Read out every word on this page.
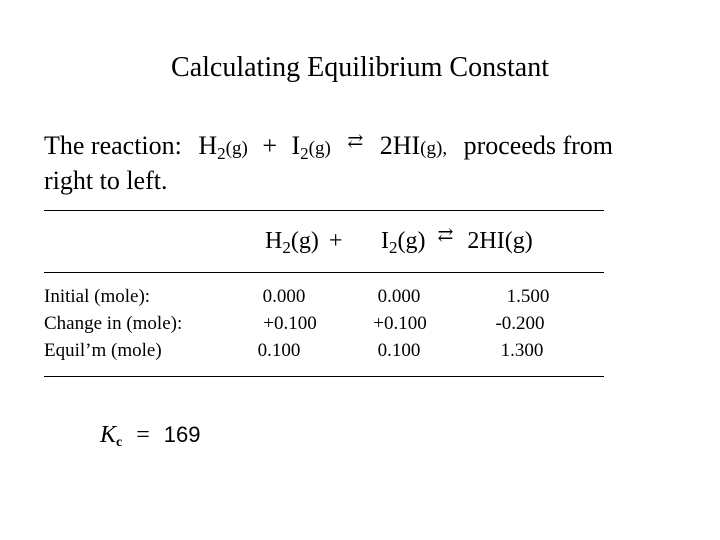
Calculating Equilibrium Constant
The reaction: $H_2(g) + I_2(g)$ ⇄ 2HI(g), proceeds from
right to left.
$H_2(g) + I_2(g)$ ⇄ 2HI(g)
Initial (mole):	0.000	0.000	1.500
Change in (mole):	+0.100	+0.100	-0.200
Equil’m (mole)	0.100	0.100	1.300
$K_c = 169$
